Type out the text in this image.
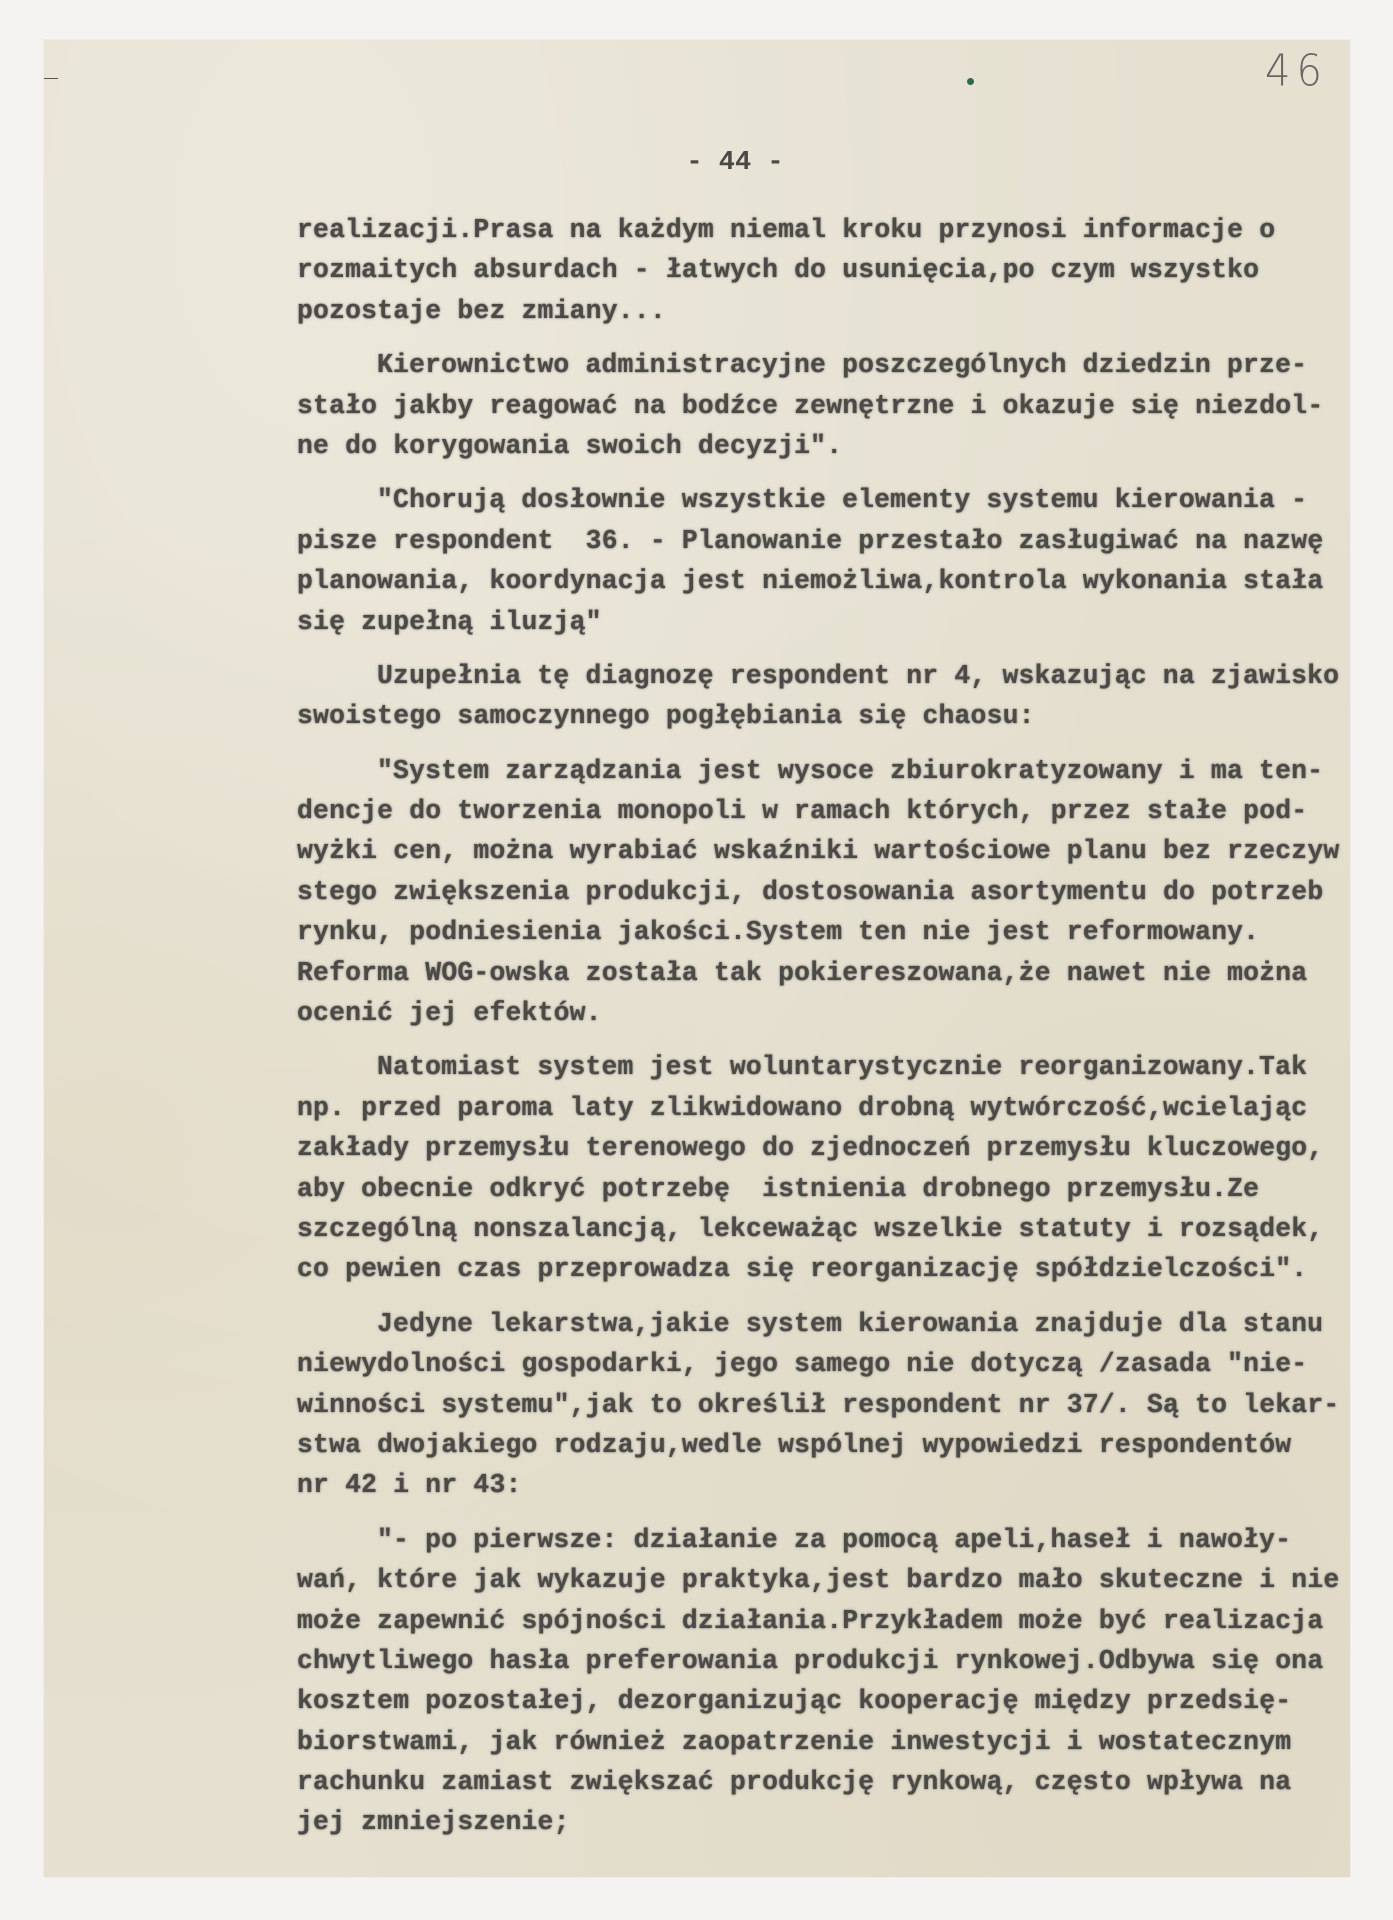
46
- 44 -
realizacji.Prasa na każdym niemal kroku przynosi informacje o
rozmaitych absurdach - łatwych do usunięcia,po czym wszystko
pozostaje bez zmiany...
Kierownictwo administracyjne poszczególnych dziedzin prze-
stało jakby reagować na bodźce zewnętrzne i okazuje się niezdol-
ne do korygowania swoich decyzji".
"Chorują dosłownie wszystkie elementy systemu kierowania -
pisze respondent  36. - Planowanie przestało zasługiwać na nazwę
planowania, koordynacja jest niemożliwa,kontrola wykonania stała
się zupełną iluzją"
Uzupełnia tę diagnozę respondent nr 4, wskazując na zjawisko
swoistego samoczynnego pogłębiania się chaosu:
"System zarządzania jest wysoce zbiurokratyzowany i ma ten-
dencje do tworzenia monopoli w ramach których, przez stałe pod-
wyżki cen, można wyrabiać wskaźniki wartościowe planu bez rzeczyw
stego zwiększenia produkcji, dostosowania asortymentu do potrzeb
rynku, podniesienia jakości.System ten nie jest reformowany.
Reforma WOG-owska została tak pokiereszowana,że nawet nie można
ocenić jej efektów.
Natomiast system jest woluntarystycznie reorganizowany.Tak
np. przed paroma laty zlikwidowano drobną wytwórczość,wcielając
zakłady przemysłu terenowego do zjednoczeń przemysłu kluczowego,
aby obecnie odkryć potrzebę  istnienia drobnego przemysłu.Ze
szczególną nonszalancją, lekceważąc wszelkie statuty i rozsądek,
co pewien czas przeprowadza się reorganizację spółdzielczości".
Jedyne lekarstwa,jakie system kierowania znajduje dla stanu
niewydolności gospodarki, jego samego nie dotyczą /zasada "nie-
winności systemu",jak to określił respondent nr 37/. Są to lekar-
stwa dwojakiego rodzaju,wedle wspólnej wypowiedzi respondentów
nr 42 i nr 43:
"- po pierwsze: działanie za pomocą apeli,haseł i nawoły-
wań, które jak wykazuje praktyka,jest bardzo mało skuteczne i nie
może zapewnić spójności działania.Przykładem może być realizacja
chwytliwego hasła preferowania produkcji rynkowej.Odbywa się ona
kosztem pozostałej, dezorganizując kooperację między przedsię-
biorstwami, jak również zaopatrzenie inwestycji i wostatecznym
rachunku zamiast zwiększać produkcję rynkową, często wpływa na
jej zmniejszenie;
